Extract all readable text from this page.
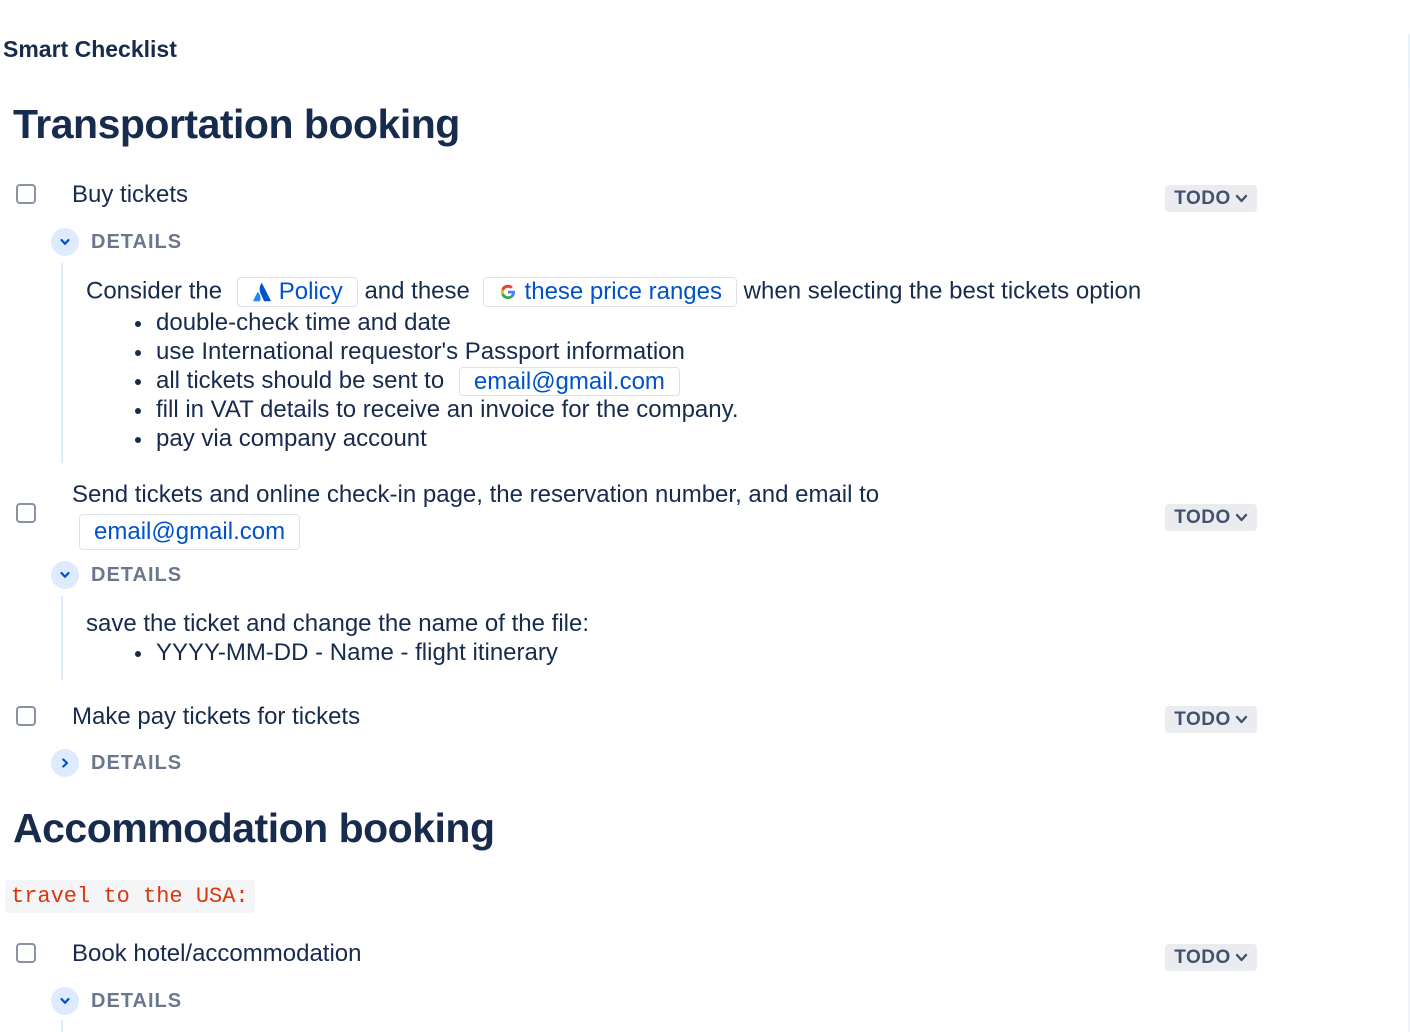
Smart Checklist
Transportation booking
Buy tickets	TODO
DETAILS
Consider the Policy and these these price ranges when selecting the best tickets option
double-check time and date
use International requestor's Passport information
all tickets should be sent to email@gmail.com
fill in VAT details to receive an invoice for the company.
pay via company account
Send tickets and online check-in page, the reservation number, and email to
email@gmail.com
TODO
DETAILS
save the ticket and change the name of the file:
YYYY-MM-DD - Name - flight itinerary
Make pay tickets for tickets	TODO
DETAILS
Accommodation booking
travel to the USA:
Book hotel/accommodation	TODO
DETAILS
